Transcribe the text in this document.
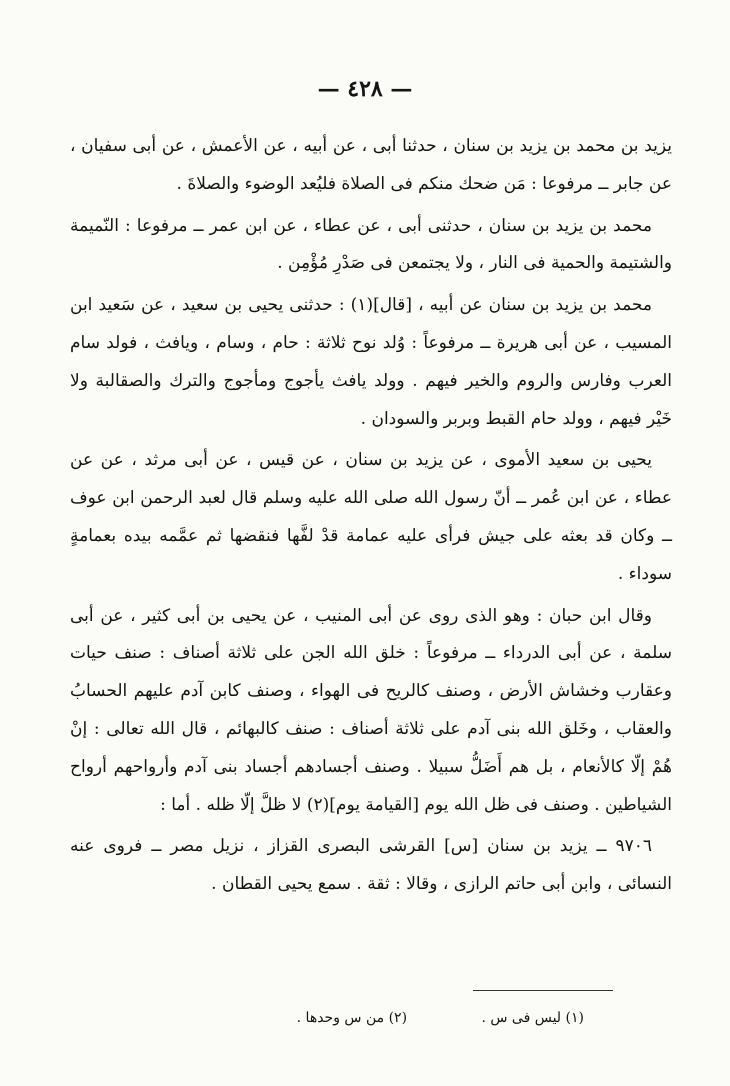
— ٤٢٨ —

يزيد بن محمد بن يزيد بن سنان ، حدثنا أبى ، عن أبيه ، عن الأعمش ، عن أبى سفيان ، عن جابر ــ مرفوعا : مَن ضحك منكم فى الصلاة فليُعد الوضوء والصلاةَ .

محمد بن يزيد بن سنان ، حدثنى أبى ، عن عطاء ، عن ابن عمر ــ مرفوعا : النّميمة والشتيمة والحمية فى النار ، ولا يجتمعن فى صَدْرِ مُؤْمِن .

محمد بن يزيد بن سنان عن أبيه ، [قال](١) : حدثنى يحيى بن سعيد ، عن سَعيد ابن المسيب ، عن أبى هريرة ــ مرفوعاً : وُلد نوح ثلاثة : حام ، وسام ، ويافث ، فولد سام العرب وفارس والروم والخير فيهم . وولد يافث يأجوج ومأجوج والترك والصقالبة ولا خَيْر فيهم ، وولد حام القبط وبربر والسودان .

يحيى بن سعيد الأموى ، عن يزيد بن سنان ، عن قيس ، عن أبى مرثد ، عن عن عطاء ، عن ابن عُمر ــ أنّ رسول الله صلى الله عليه وسلم قال لعبد الرحمن ابن عوف ــ وكان قد بعثه على جيش فرأى عليه عمامة قدْ لفَّها فنقضها ثم عمَّمه بيده بعمامةٍ سوداء .

وقال ابن حبان : وهو الذى روى عن أبى المنيب ، عن يحيى بن أبى كثير ، عن أبى سلمة ، عن أبى الدرداء ــ مرفوعاً : خلق الله الجن على ثلاثة أصناف : صنف حيات وعقارب وخشاش الأرض ، وصنف كالريح فى الهواء ، وصنف كابن آدم عليهم الحسابُ والعقاب ، وخَلق الله بنى آدم على ثلاثة أصناف : صنف كالبهائم ، قال الله تعالى : إنْ هُمْ إلّا كالأنعام ، بل هم أَضَلُّ سبيلا . وصنف أجسادهم أجساد بنى آدم وأرواحهم أرواح الشياطين . وصنف فى ظل الله يوم [القيامة يوم](٢) لا ظلَّ إلّا ظله . أما :

٩٧٠٦ ــ يزيد بن سنان [س] القرشى البصرى القزاز ، نزيل مصر ــ فروى عنه النسائى ، وابن أبى حاتم الرازى ، وقالا : ثقة . سمع يحيى القطان .

(١) ليس فى س . (٢) من س وحدها .
